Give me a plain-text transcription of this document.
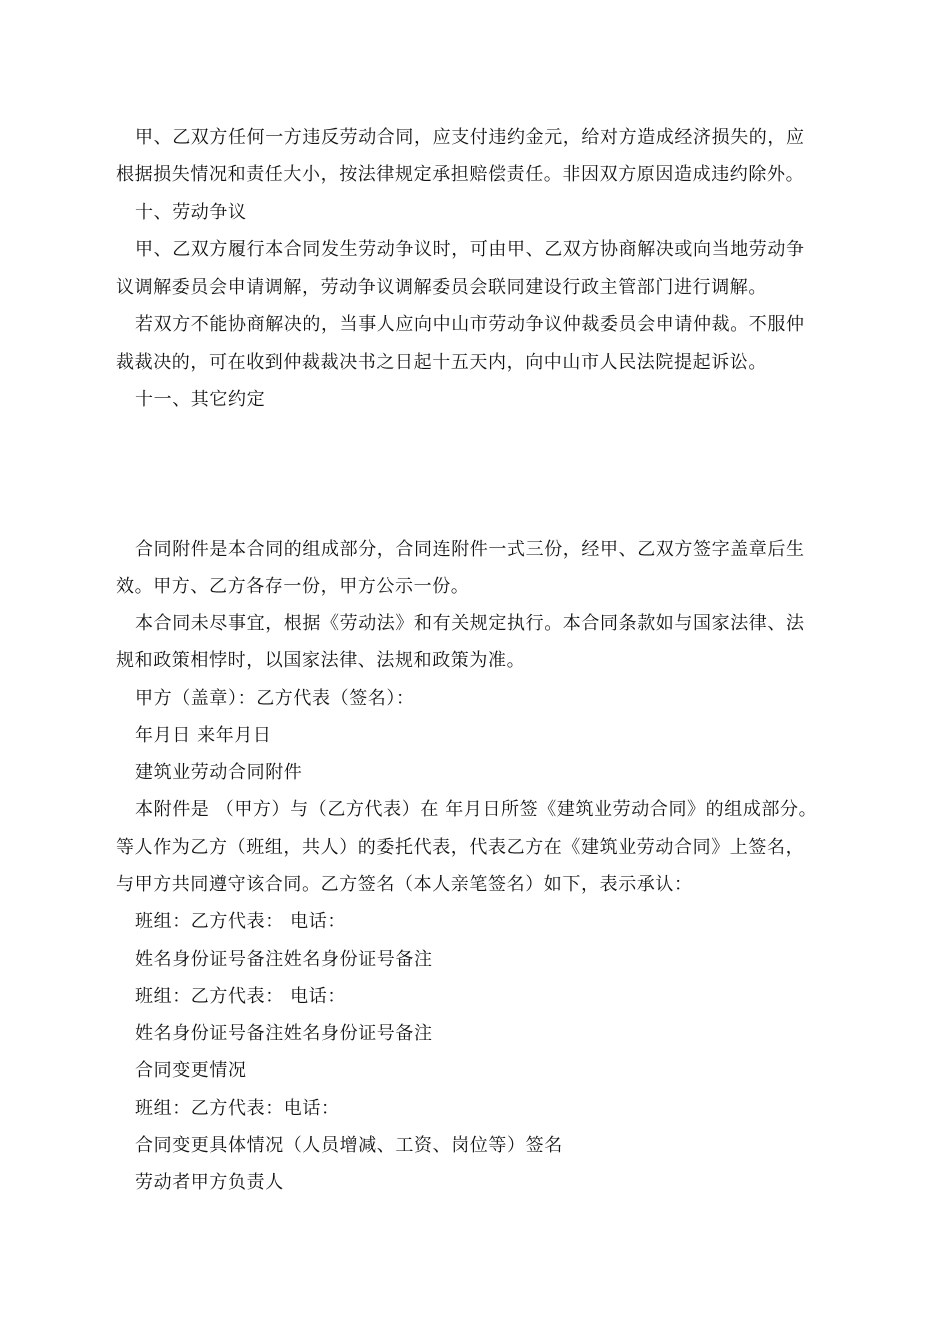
甲、乙双方任何一方违反劳动合同，应支付违约金元，给对方造成经济损失的，应
根据损失情况和责任大小，按法律规定承担赔偿责任。非因双方原因造成违约除外。
十、劳动争议
甲、乙双方履行本合同发生劳动争议时，可由甲、乙双方协商解决或向当地劳动争
议调解委员会申请调解，劳动争议调解委员会联同建设行政主管部门进行调解。
若双方不能协商解决的，当事人应向中山市劳动争议仲裁委员会申请仲裁。不服仲
裁裁决的，可在收到仲裁裁决书之日起十五天内，向中山市人民法院提起诉讼。
十一、其它约定
合同附件是本合同的组成部分，合同连附件一式三份，经甲、乙双方签字盖章后生
效。甲方、乙方各存一份，甲方公示一份。
本合同未尽事宜，根据《劳动法》和有关规定执行。本合同条款如与国家法律、法
规和政策相悖时，以国家法律、法规和政策为准。
甲方（盖章）：乙方代表（签名）：
年月日 来年月日
建筑业劳动合同附件
本附件是 （甲方）与（乙方代表）在 年月日所签《建筑业劳动合同》的组成部分。
等人作为乙方（班组，共人）的委托代表，代表乙方在《建筑业劳动合同》上签名，
与甲方共同遵守该合同。乙方签名（本人亲笔签名）如下，表示承认：
班组：乙方代表： 电话：
姓名身份证号备注姓名身份证号备注
班组：乙方代表： 电话：
姓名身份证号备注姓名身份证号备注
合同变更情况
班组：乙方代表：电话：
合同变更具体情况（人员增减、工资、岗位等）签名
劳动者甲方负责人
